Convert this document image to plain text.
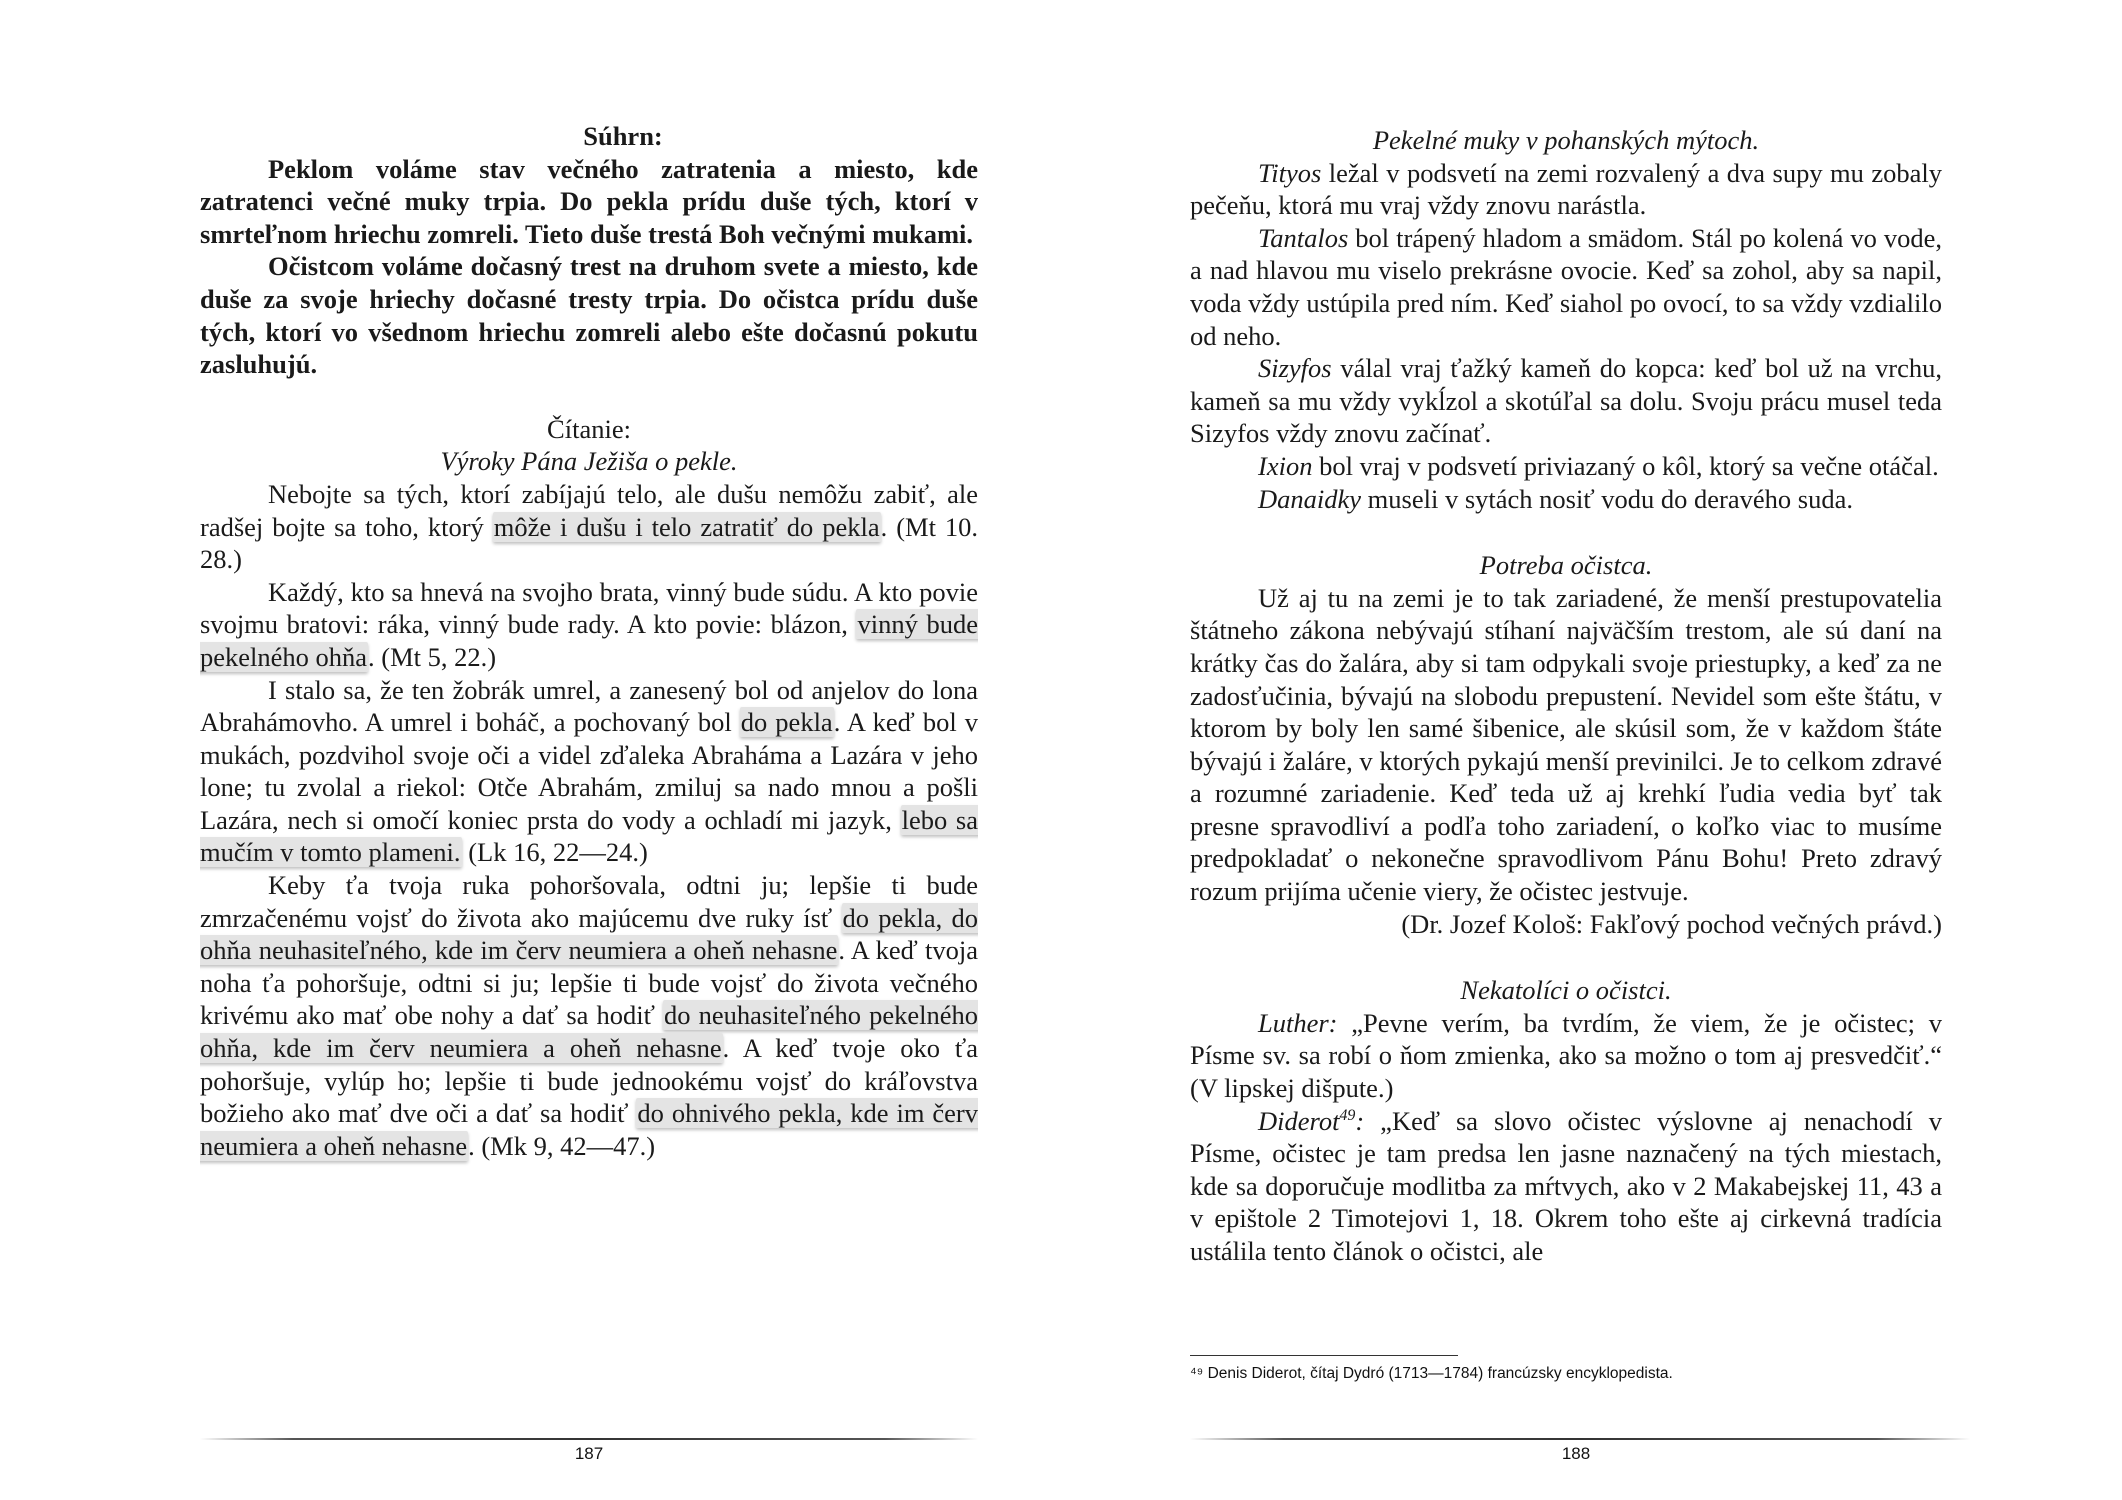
Súhrn:

Peklom voláme stav večného zatratenia a miesto, kde zatratenci večné muky trpia. Do pekla prídu duše tých, ktorí v smrteľnom hriechu zomreli. Tieto duše trestá Boh večnými mukami.

Očistcom voláme dočasný trest na druhom svete a miesto, kde duše za svoje hriechy dočasné tresty trpia. Do očistca prídu duše tých, ktorí vo všednom hriechu zomreli alebo ešte dočasnú pokutu zasluhujú.

Čítanie:

Výroky Pána Ježiša o pekle.

Nebojte sa tých, ktorí zabíjajú telo, ale dušu nemôžu zabiť, ale radšej bojte sa toho, ktorý môže i dušu i telo zatratiť do pekla. (Mt 10. 28.)

Každý, kto sa hnevá na svojho brata, vinný bude súdu. A kto povie svojmu bratovi: ráka, vinný bude rady. A kto povie: blázon, vinný bude pekelného ohňa. (Mt 5, 22.)

I stalo sa, že ten žobrák umrel, a zanesený bol od anjelov do lona Abrahámovho. A umrel i boháč, a pochovaný bol do pekla. A keď bol v mukách, pozdvihol svoje oči a videl zďaleka Abraháma a Lazára v jeho lone; tu zvolal a riekol: Otče Abrahám, zmiluj sa nado mnou a pošli Lazára, nech si omočí koniec prsta do vody a ochladí mi jazyk, lebo sa mučím v tomto plameni. (Lk 16, 22—24.)

Keby ťa tvoja ruka pohoršovala, odtni ju; lepšie ti bude zmrzačenému vojsť do života ako majúcemu dve ruky ísť do pekla, do ohňa neuhasiteľného, kde im červ neumiera a oheň nehasne. A keď tvoja noha ťa pohoršuje, odtni si ju; lepšie ti bude vojsť do života večného krivému ako mať obe nohy a dať sa hodiť do neuhasiteľného pekelného ohňa, kde im červ neumiera a oheň nehasne. A keď tvoje oko ťa pohoršuje, vylúp ho; lepšie ti bude jednookému vojsť do kráľovstva božieho ako mať dve oči a dať sa hodiť do ohnivého pekla, kde im červ neumiera a oheň nehasne. (Mk 9, 42—47.)

187

Pekelné muky v pohanských mýtoch.

Tityos ležal v podsvetí na zemi rozvalený a dva supy mu zobaly pečeňu, ktorá mu vraj vždy znovu narástla.

Tantalos bol trápený hladom a smädom. Stál po kolená vo vode, a nad hlavou mu viselo prekrásne ovocie. Keď sa zohol, aby sa napil, voda vždy ustúpila pred ním. Keď siahol po ovocí, to sa vždy vzdialilo od neho.

Sizyfos válal vraj ťažký kameň do kopca: keď bol už na vrchu, kameň sa mu vždy vykĺzol a skotúľal sa dolu. Svoju prácu musel teda Sizyfos vždy znovu začínať.

Ixion bol vraj v podsvetí priviazaný o kôl, ktorý sa večne otáčal.

Danaidky museli v sytách nosiť vodu do deravého suda.

Potreba očistca.

Už aj tu na zemi je to tak zariadené, že menší prestupovatelia štátneho zákona nebývajú stíhaní najväčším trestom, ale sú daní na krátky čas do žalára, aby si tam odpykali svoje priestupky, a keď za ne zadosťučinia, bývajú na slobodu prepustení. Nevidel som ešte štátu, v ktorom by boly len samé šibenice, ale skúsil som, že v každom štáte bývajú i žaláre, v ktorých pykajú menší previnilci. Je to celkom zdravé a rozumné zariadenie. Keď teda už aj krehkí ľudia vedia byť tak presne spravodliví a podľa toho zariadení, o koľko viac to musíme predpokladať o nekonečne spravodlivom Pánu Bohu! Preto zdravý rozum prijíma učenie viery, že očistec jestvuje.

(Dr. Jozef Kološ: Fakľový pochod večných právd.)

Nekatolíci o očistci.

Luther: „Pevne verím, ba tvrdím, že viem, že je očistec; v Písme sv. sa robí o ňom zmienka, ako sa možno o tom aj presvedčiť.“ (V lipskej dišpute.)

Diderot$^{49}$: „Keď sa slovo očistec výslovne aj nenachodí v Písme, očistec je tam predsa len jasne naznačený na tých miestach, kde sa doporučuje modlitba za mŕtvych, ako v 2 Makabejskej 11, 43 a v epištole 2 Timotejovi 1, 18. Okrem toho ešte aj cirkevná tradícia ustálila tento článok o očistci, ale

⁴⁹ Denis Diderot, čítaj Dydró (1713—1784) francúzsky encyklopedista.
188
